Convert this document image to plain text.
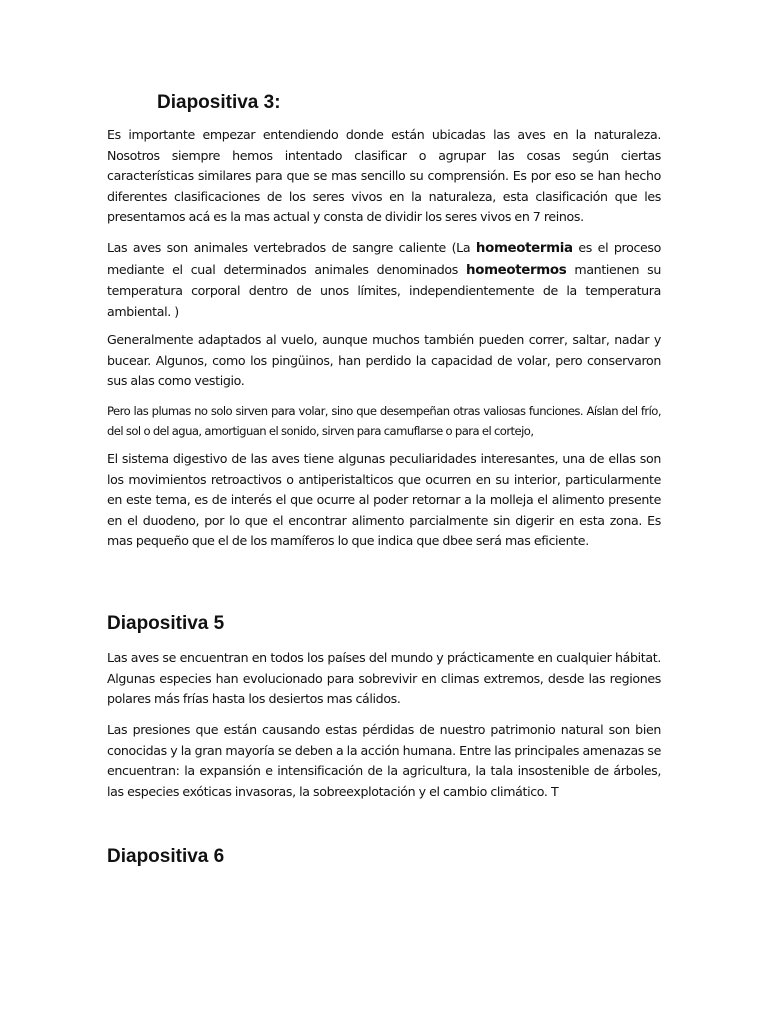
Diapositiva 3:

Es importante empezar entendiendo donde están ubicadas las aves en la naturaleza. Nosotros siempre hemos intentado clasificar o agrupar las cosas según ciertas características similares para que se mas sencillo su comprensión. Es por eso se han hecho diferentes clasificaciones de los seres vivos en la naturaleza, esta clasificación que les presentamos acá es la mas actual y consta de dividir los seres vivos en 7 reinos.

Las aves son animales vertebrados de sangre caliente (La homeotermia es el proceso mediante el cual determinados animales denominados homeotermos mantienen su temperatura corporal dentro de unos límites, independientemente de la temperatura ambiental. )

Generalmente adaptados al vuelo, aunque muchos también pueden correr, saltar, nadar y bucear. Algunos, como los pingüinos, han perdido la capacidad de volar, pero conservaron sus alas como vestigio.

Pero las plumas no solo sirven para volar, sino que desempeñan otras valiosas funciones. Aíslan del frío, del sol o del agua, amortiguan el sonido, sirven para camuflarse o para el cortejo,

El sistema digestivo de las aves tiene algunas peculiaridades interesantes, una de ellas son los movimientos retroactivos o antiperistalticos que ocurren en su interior, particularmente en este tema, es de interés el que ocurre al poder retornar a la molleja el alimento presente en el duodeno, por lo que el encontrar alimento parcialmente sin digerir en esta zona. Es mas pequeño que el de los mamíferos lo que indica que dbee será mas eficiente.

Diapositiva 5

Las aves se encuentran en todos los países del mundo y prácticamente en cualquier hábitat. Algunas especies han evolucionado para sobrevivir en climas extremos, desde las regiones polares más frías hasta los desiertos mas cálidos.

Las presiones que están causando estas pérdidas de nuestro patrimonio natural son bien conocidas y la gran mayoría se deben a la acción humana. Entre las principales amenazas se encuentran: la expansión e intensificación de la agricultura, la tala insostenible de árboles, las especies exóticas invasoras, la sobreexplotación y el cambio climático. T

Diapositiva 6
